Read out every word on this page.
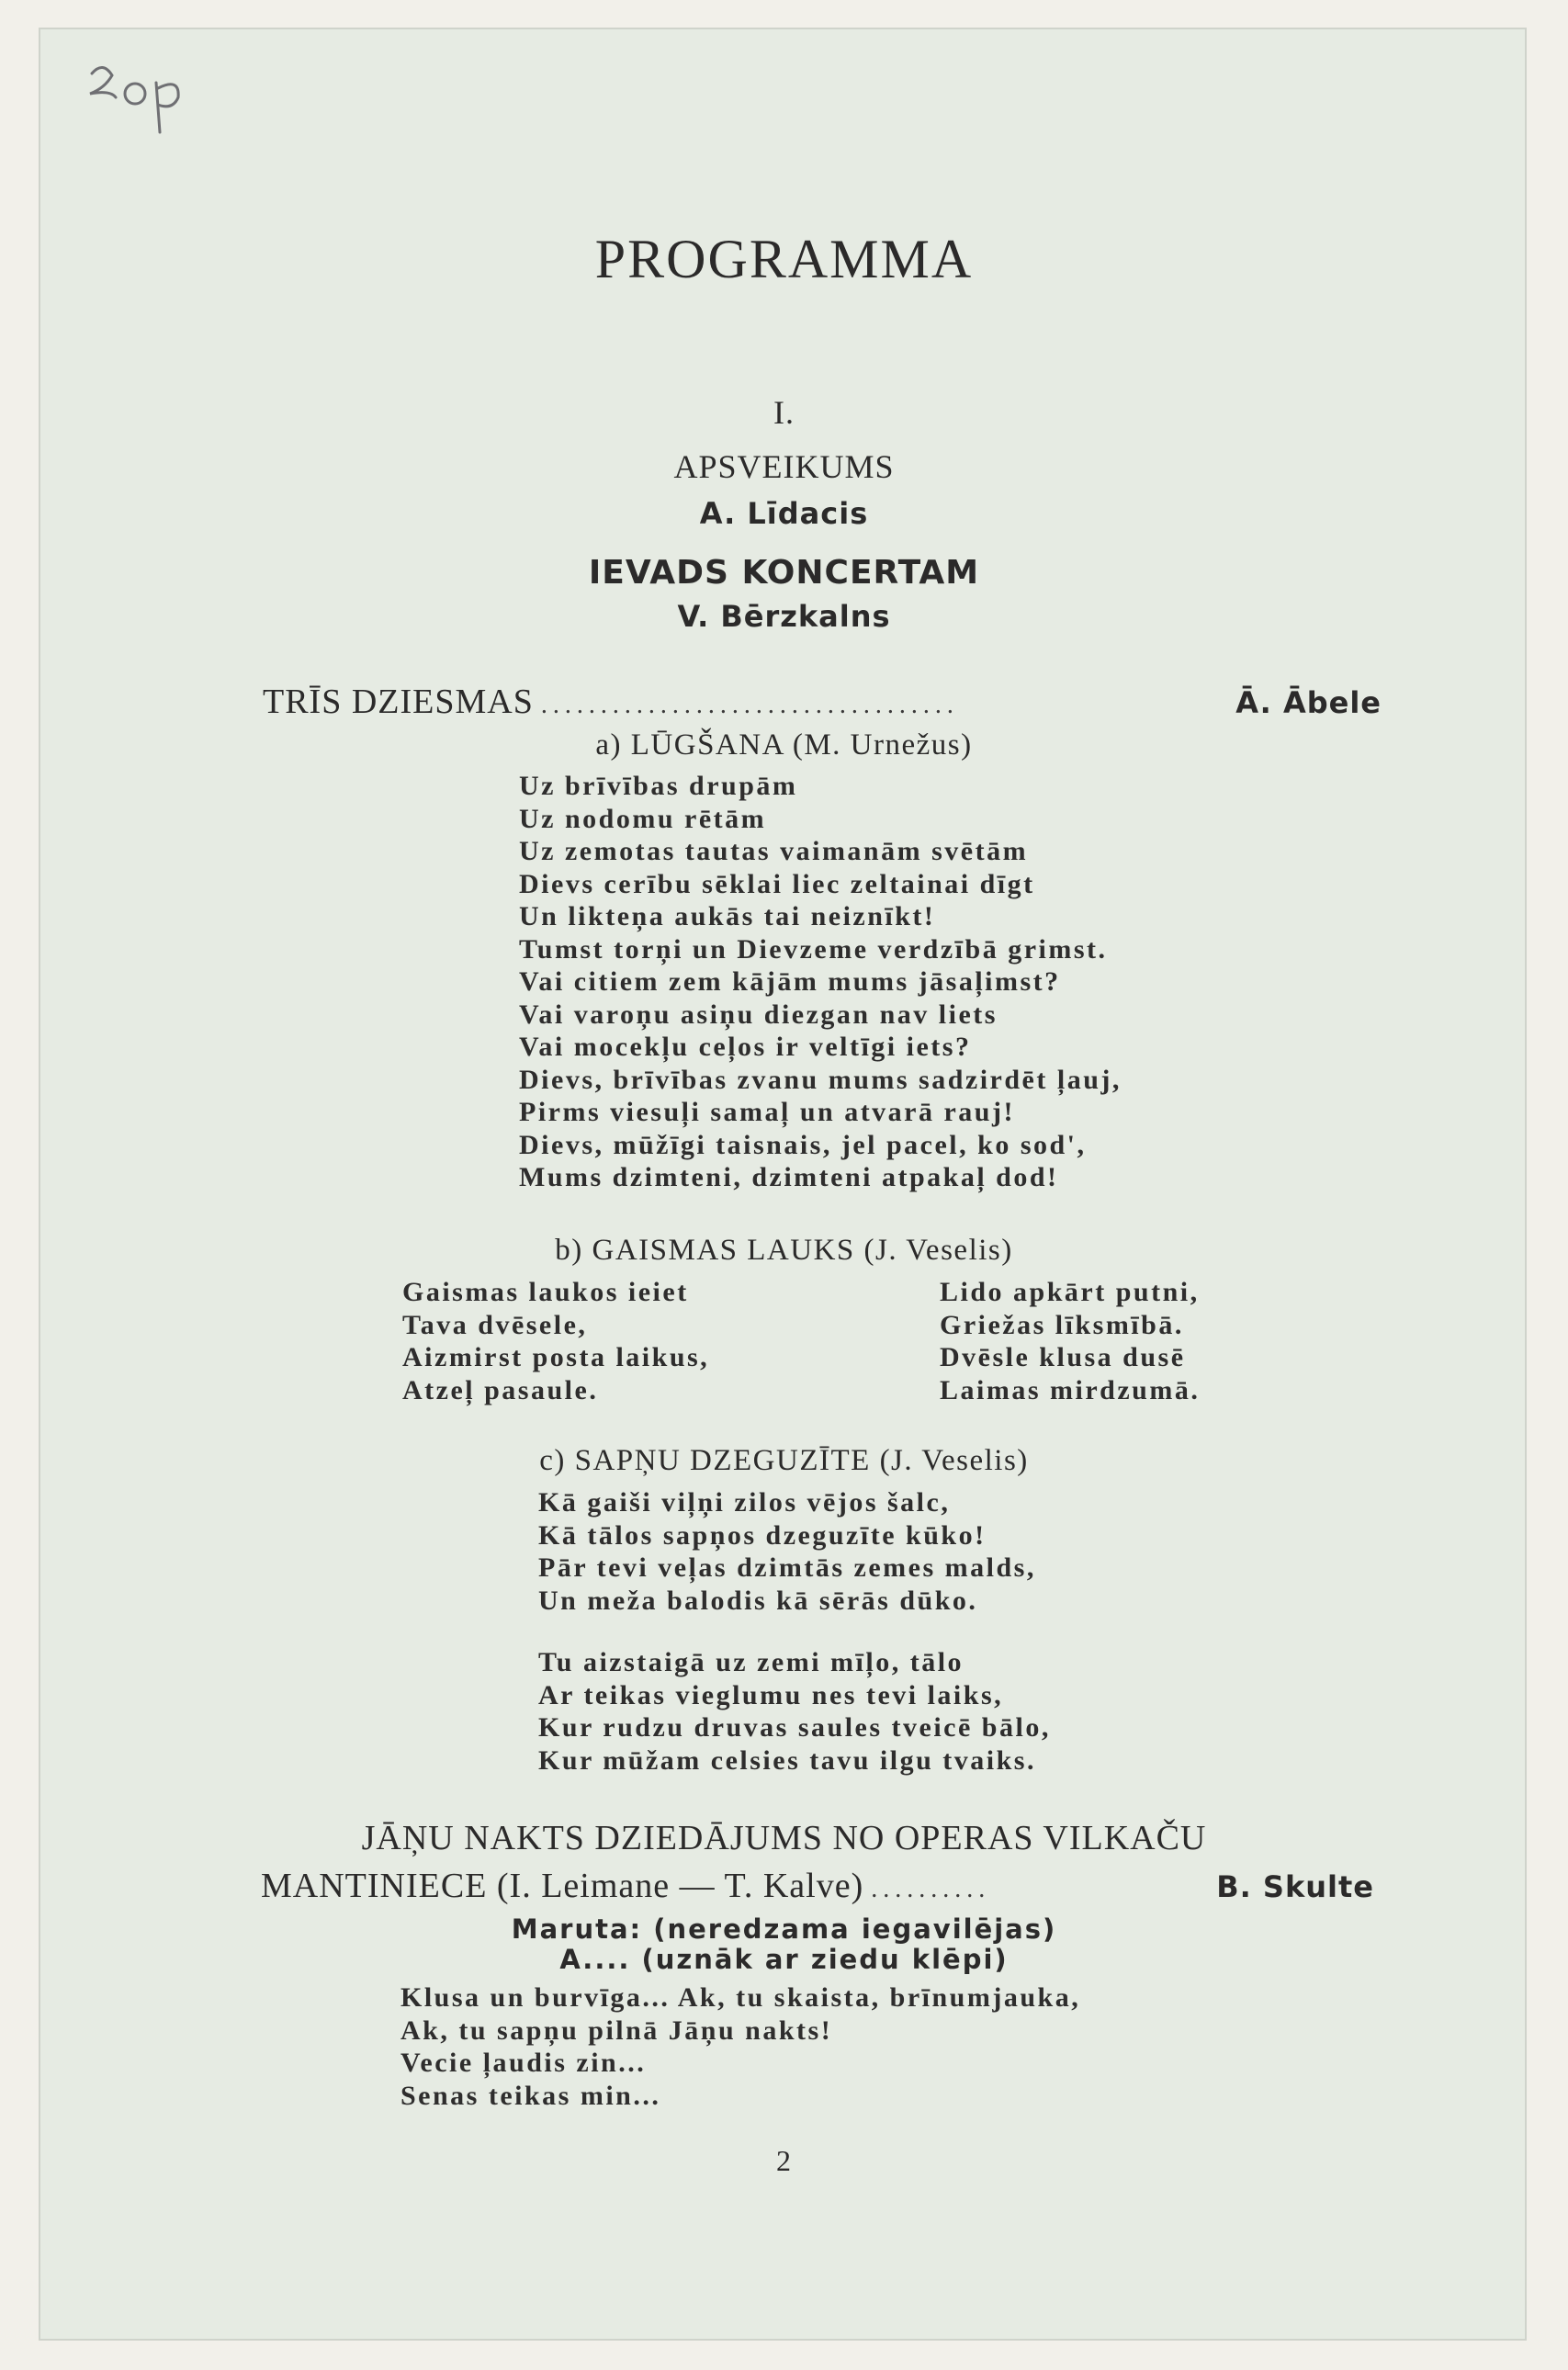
PROGRAMMA
I.
APSVEIKUMS
A. Līdacis
IEVADS KONCERTAM
V. Bērzkalns
TRĪS DZIESMAS ...................................	Ā. Ābele
a) LŪGŠANA (M. Urnežus)
Uz brīvības drupām
Uz nodomu rētām
Uz zemotas tautas vaimanām svētām
Dievs cerību sēklai liec zeltainai dīgt
Un likteņa aukās tai neiznīkt!
Tumst torņi un Dievzeme verdzībā grimst.
Vai citiem zem kājām mums jāsaļimst?
Vai varoņu asiņu diezgan nav liets
Vai mocekļu ceļos ir veltīgi iets?
Dievs, brīvības zvanu mums sadzirdēt ļauj,
Pirms viesuļi samaļ un atvarā rauj!
Dievs, mūžīgi taisnais, jel pacel, ko sod',
Mums dzimteni, dzimteni atpakaļ dod!
b) GAISMAS LAUKS (J. Veselis)
Gaismas laukos ieiet
Tava dvēsele,
Aizmirst posta laikus,
Atzeļ pasaule.
Lido apkārt putni,
Griežas līksmībā.
Dvēsle klusa dusē
Laimas mirdzumā.
c) SAPŅU DZEGUZĪTE (J. Veselis)
Kā gaiši viļņi zilos vējos šalc,
Kā tālos sapņos dzeguzīte kūko!
Pār tevi veļas dzimtās zemes malds,
Un meža balodis kā sērās dūko.
Tu aizstaigā uz zemi mīļo, tālo
Ar teikas vieglumu nes tevi laiks,
Kur rudzu druvas saules tveicē bālo,
Kur mūžam celsies tavu ilgu tvaiks.
JĀŅU NAKTS DZIEDĀJUMS NO OPERAS VILKAČU
MANTINIECE (I. Leimane — T. Kalve) ..........	B. Skulte
Maruta: (neredzama iegavilējas)
A.... (uznāk ar ziedu klēpi)
Klusa un burvīga... Ak, tu skaista, brīnumjauka,
Ak, tu sapņu pilnā Jāņu nakts!
Vecie ļaudis zin...
Senas teikas min...
2
